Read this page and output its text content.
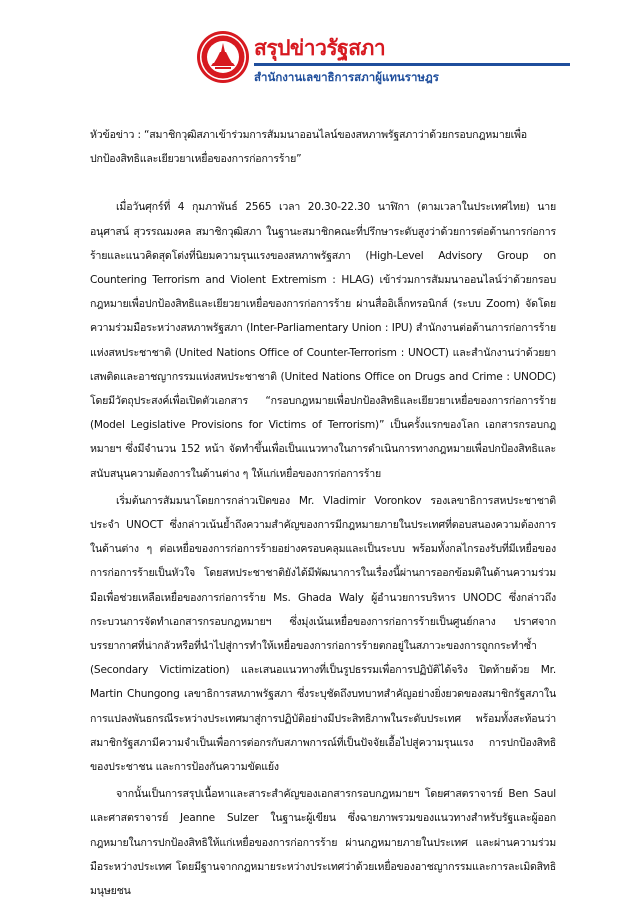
สรุปข่าวรัฐสภา
สำนักงานเลขาธิการสภาผู้แทนราษฎร

หัวข้อข่าว : “สมาชิกวุฒิสภาเข้าร่วมการสัมมนาออนไลน์ของสหภาพรัฐสภาว่าด้วยกรอบกฎหมายเพื่อปกป้องสิทธิและเยียวยาเหยื่อของการก่อการร้าย”

เมื่อวันศุกร์ที่ 4 กุมภาพันธ์ 2565 เวลา 20.30-22.30 นาฬิกา (ตามเวลาในประเทศไทย) นายอนุศาสน์ สุวรรณมงคล สมาชิกวุฒิสภา ในฐานะสมาชิกคณะที่ปรึกษาระดับสูงว่าด้วยการต่อต้านการก่อการร้ายและแนวคิดสุดโต่งที่นิยมความรุนแรงของสหภาพรัฐสภา (High-Level Advisory Group on Countering Terrorism and Violent Extremism : HLAG) เข้าร่วมการสัมมนาออนไลน์ว่าด้วยกรอบกฎหมายเพื่อปกป้องสิทธิและเยียวยาเหยื่อของการก่อการร้าย ผ่านสื่ออิเล็กทรอนิกส์ (ระบบ Zoom) จัดโดยความร่วมมือระหว่างสหภาพรัฐสภา (Inter-Parliamentary Union : IPU) สำนักงานต่อต้านการก่อการร้ายแห่งสหประชาชาติ (United Nations Office of Counter-Terrorism : UNOCT) และสำนักงานว่าด้วยยาเสพติดและอาชญากรรมแห่งสหประชาชาติ (United Nations Office on Drugs and Crime : UNODC) โดยมีวัตถุประสงค์เพื่อเปิดตัวเอกสาร “กรอบกฎหมายเพื่อปกป้องสิทธิและเยียวยาเหยื่อของการก่อการร้าย (Model Legislative Provisions for Victims of Terrorism)” เป็นครั้งแรกของโลก เอกสารกรอบกฎหมายฯ ซึ่งมีจำนวน 152 หน้า จัดทำขึ้นเพื่อเป็นแนวทางในการดำเนินการทางกฎหมายเพื่อปกป้องสิทธิและสนับสนุนความต้องการในด้านต่าง ๆ ให้แก่เหยื่อของการก่อการร้าย

เริ่มต้นการสัมมนาโดยการกล่าวเปิดของ Mr. Vladimir Voronkov รองเลขาธิการสหประชาชาติประจำ UNOCT ซึ่งกล่าวเน้นย้ำถึงความสำคัญของการมีกฎหมายภายในประเทศที่ตอบสนองความต้องการในด้านต่าง ๆ ต่อเหยื่อของการก่อการร้ายอย่างครอบคลุมและเป็นระบบ พร้อมทั้งกลไกรองรับที่มีเหยื่อของการก่อการร้ายเป็นหัวใจ โดยสหประชาชาติยังได้มีพัฒนาการในเรื่องนี้ผ่านการออกข้อมติในด้านความร่วมมือเพื่อช่วยเหลือเหยื่อของการก่อการร้าย Ms. Ghada Waly ผู้อำนวยการบริหาร UNODC ซึ่งกล่าวถึงกระบวนการจัดทำเอกสารกรอบกฎหมายฯ ซึ่งมุ่งเน้นเหยื่อของการก่อการร้ายเป็นศูนย์กลาง ปราศจากบรรยากาศที่น่ากลัวหรือที่นำไปสู่การทำให้เหยื่อของการก่อการร้ายตกอยู่ในสภาวะของการถูกกระทำซ้ำ (Secondary Victimization) และเสนอแนวทางที่เป็นรูปธรรมเพื่อการปฏิบัติได้จริง ปิดท้ายด้วย Mr. Martin Chungong เลขาธิการสหภาพรัฐสภา ซึ่งระบุชัดถึงบทบาทสำคัญอย่างยิ่งยวดของสมาชิกรัฐสภาในการแปลงพันธกรณีระหว่างประเทศมาสู่การปฏิบัติอย่างมีประสิทธิภาพในระดับประเทศ พร้อมทั้งสะท้อนว่าสมาชิกรัฐสภามีความจำเป็นเพื่อการต่อกรกับสภาพการณ์ที่เป็นปัจจัยเอื้อไปสู่ความรุนแรง การปกป้องสิทธิของประชาชน และการป้องกันความขัดแย้ง

จากนั้นเป็นการสรุปเนื้อหาและสาระสำคัญของเอกสารกรอบกฎหมายฯ โดยศาสตราจารย์ Ben Saul และศาสตราจารย์ Jeanne Sulzer ในฐานะผู้เขียน ซึ่งฉายภาพรวมของแนวทางสำหรับรัฐและผู้ออกกฎหมายในการปกป้องสิทธิให้แก่เหยื่อของการก่อการร้าย ผ่านกฎหมายภายในประเทศ และผ่านความร่วมมือระหว่างประเทศ โดยมีฐานจากกฎหมายระหว่างประเทศว่าด้วยเหยื่อของอาชญากรรมและการละเมิดสิทธิมนุษยชน
